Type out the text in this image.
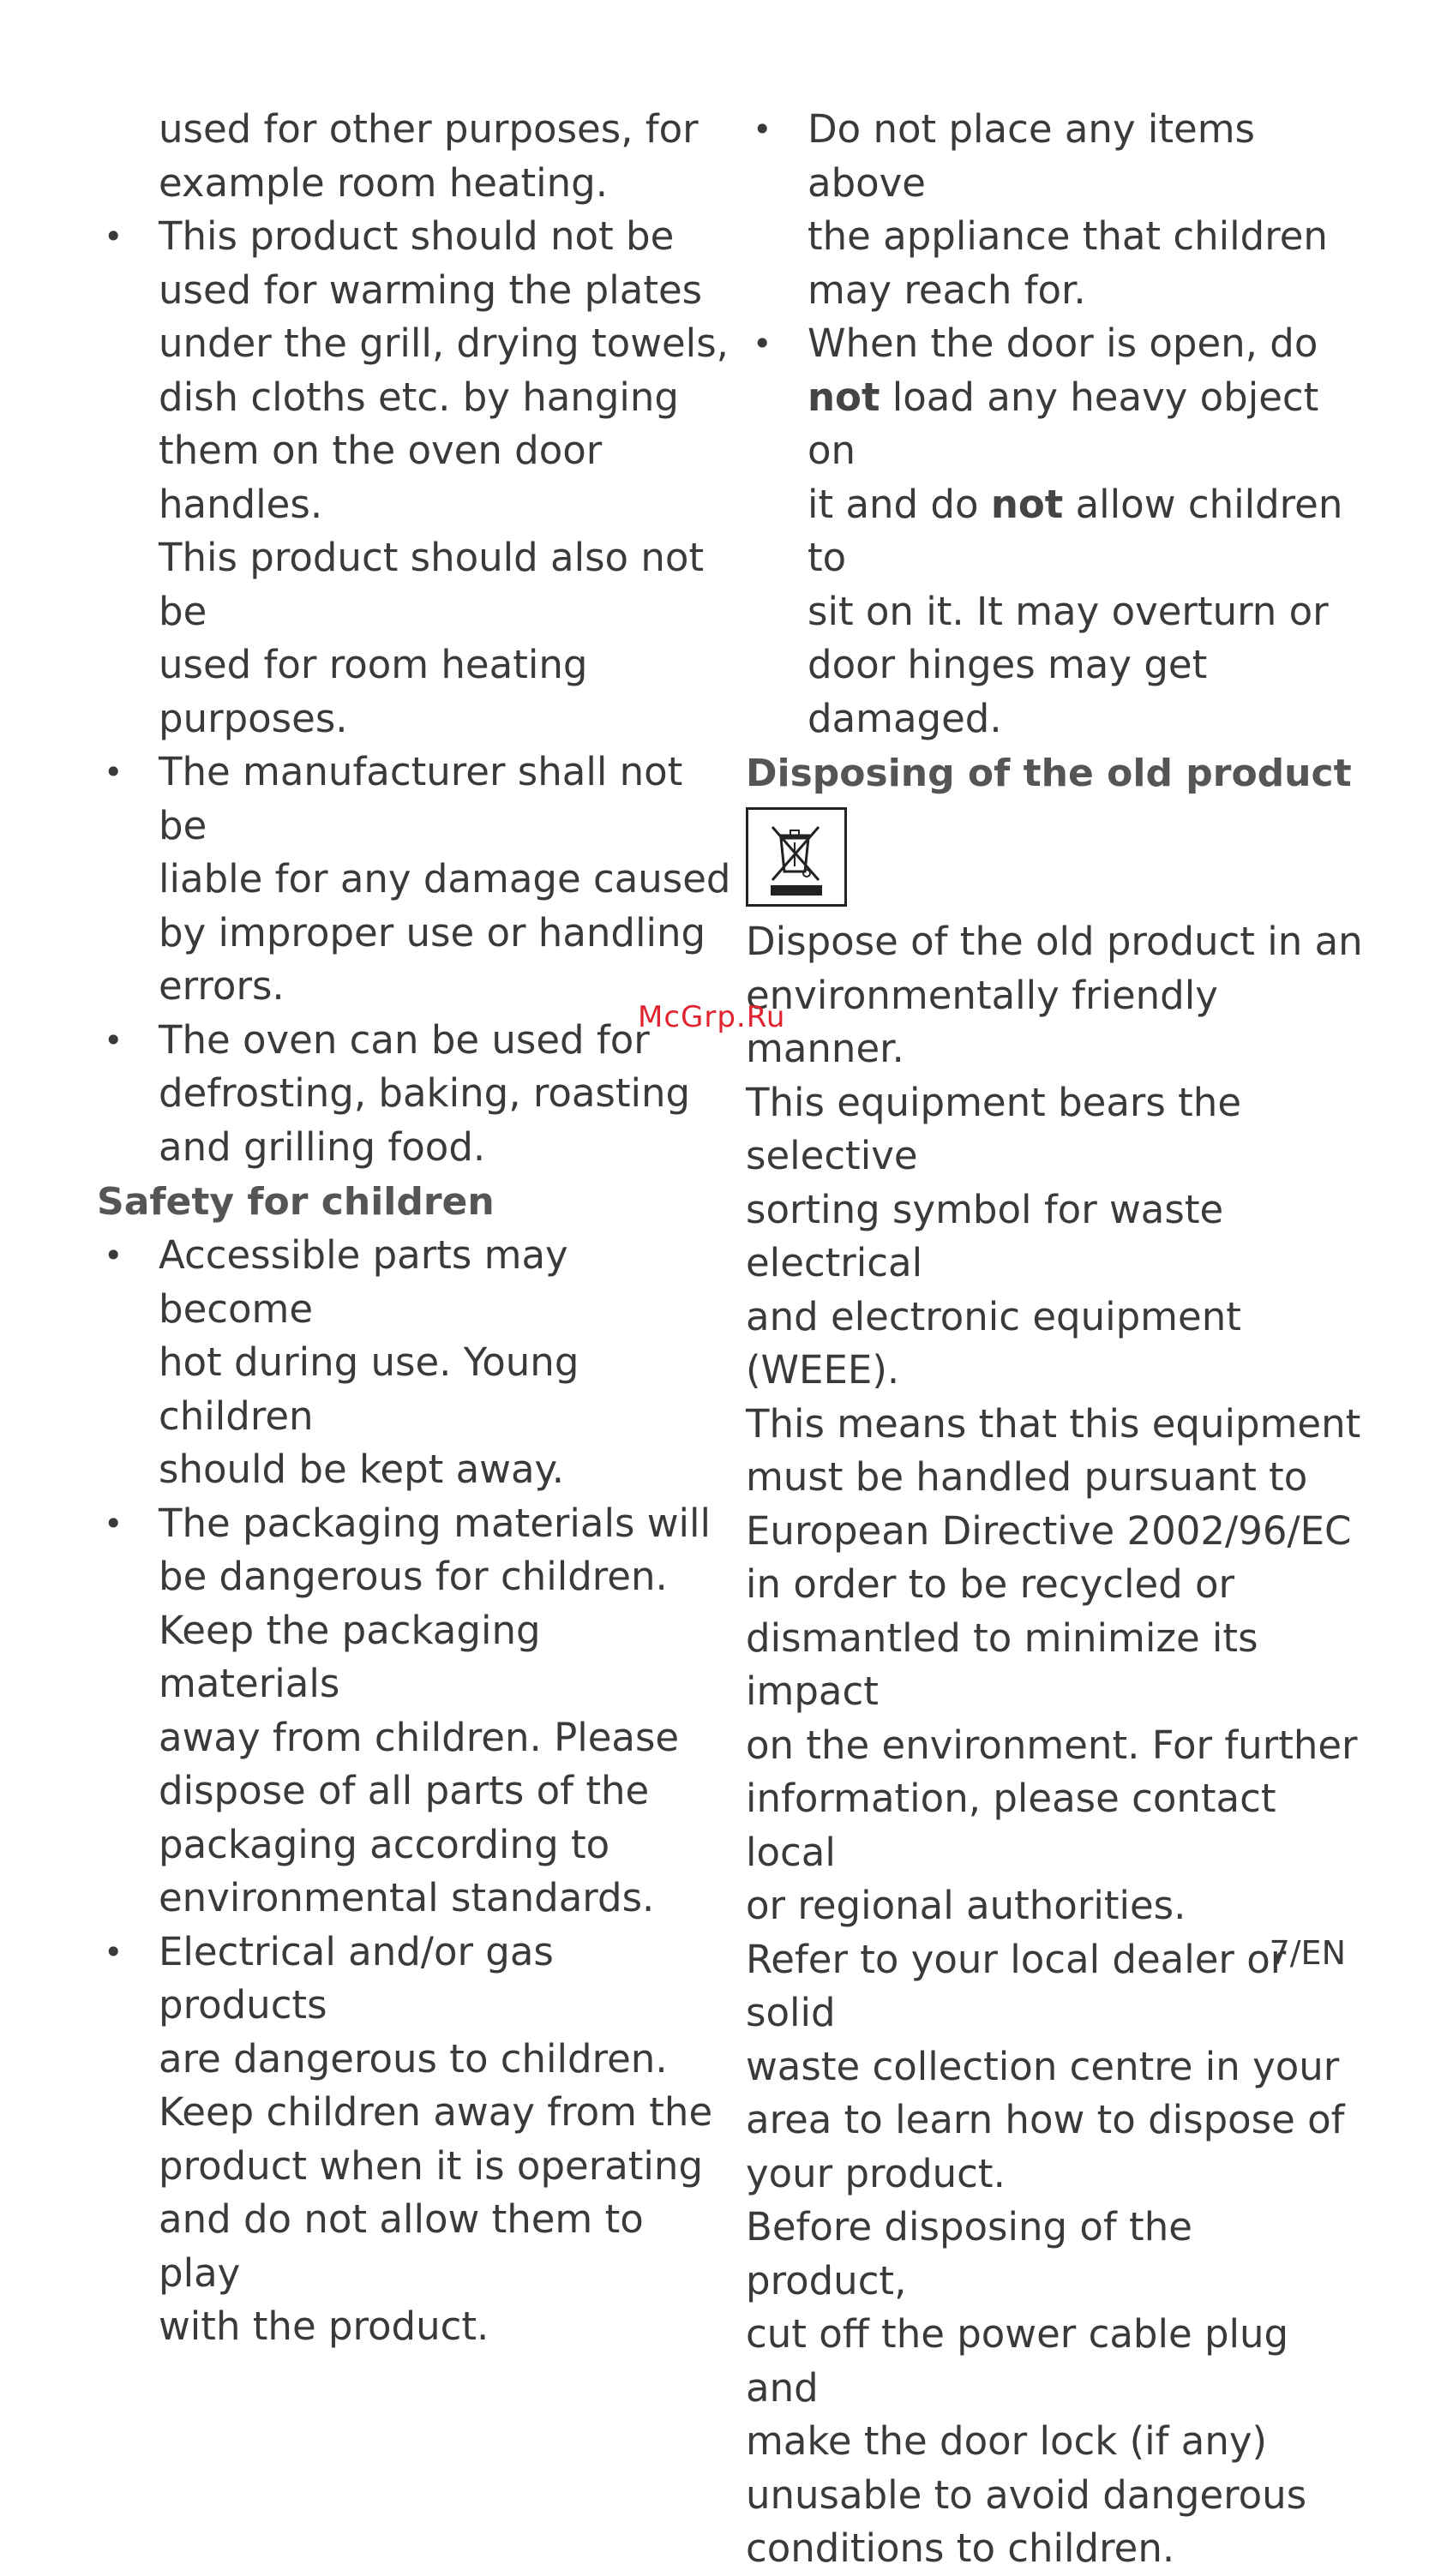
used for other purposes, for
example room heating.
• This product should not be
used for warming the plates
under the grill, drying towels,
dish cloths etc. by hanging
them on the oven door handles.
This product should also not be
used for room heating
purposes.
• The manufacturer shall not be
liable for any damage caused
by improper use or handling
errors.
• The oven can be used for
defrosting, baking, roasting
and grilling food.
Safety for children
• Accessible parts may become
hot during use. Young children
should be kept away.
• The packaging materials will
be dangerous for children.
Keep the packaging materials
away from children. Please
dispose of all parts of the
packaging according to
environmental standards.
• Electrical and/or gas products
are dangerous to children.
Keep children away from the
product when it is operating
and do not allow them to play
with the product.
• Do not place any items above
the appliance that children
may reach for.
• When the door is open, do
not load any heavy object on
it and do not allow children to
sit on it. It may overturn or
door hinges may get damaged.
Disposing of the old product
Dispose of the old product in an
environmentally friendly manner.
This equipment bears the selective
sorting symbol for waste electrical
and electronic equipment (WEEE).
This means that this equipment
must be handled pursuant to
European Directive 2002/96/EC
in order to be recycled or
dismantled to minimize its impact
on the environment. For further
information, please contact local
or regional authorities.
Refer to your local dealer or solid
waste collection centre in your
area to learn how to dispose of
your product.
Before disposing of the product,
cut off the power cable plug and
make the door lock (if any)
unusable to avoid dangerous
conditions to children.
McGrp.Ru
7/EN
